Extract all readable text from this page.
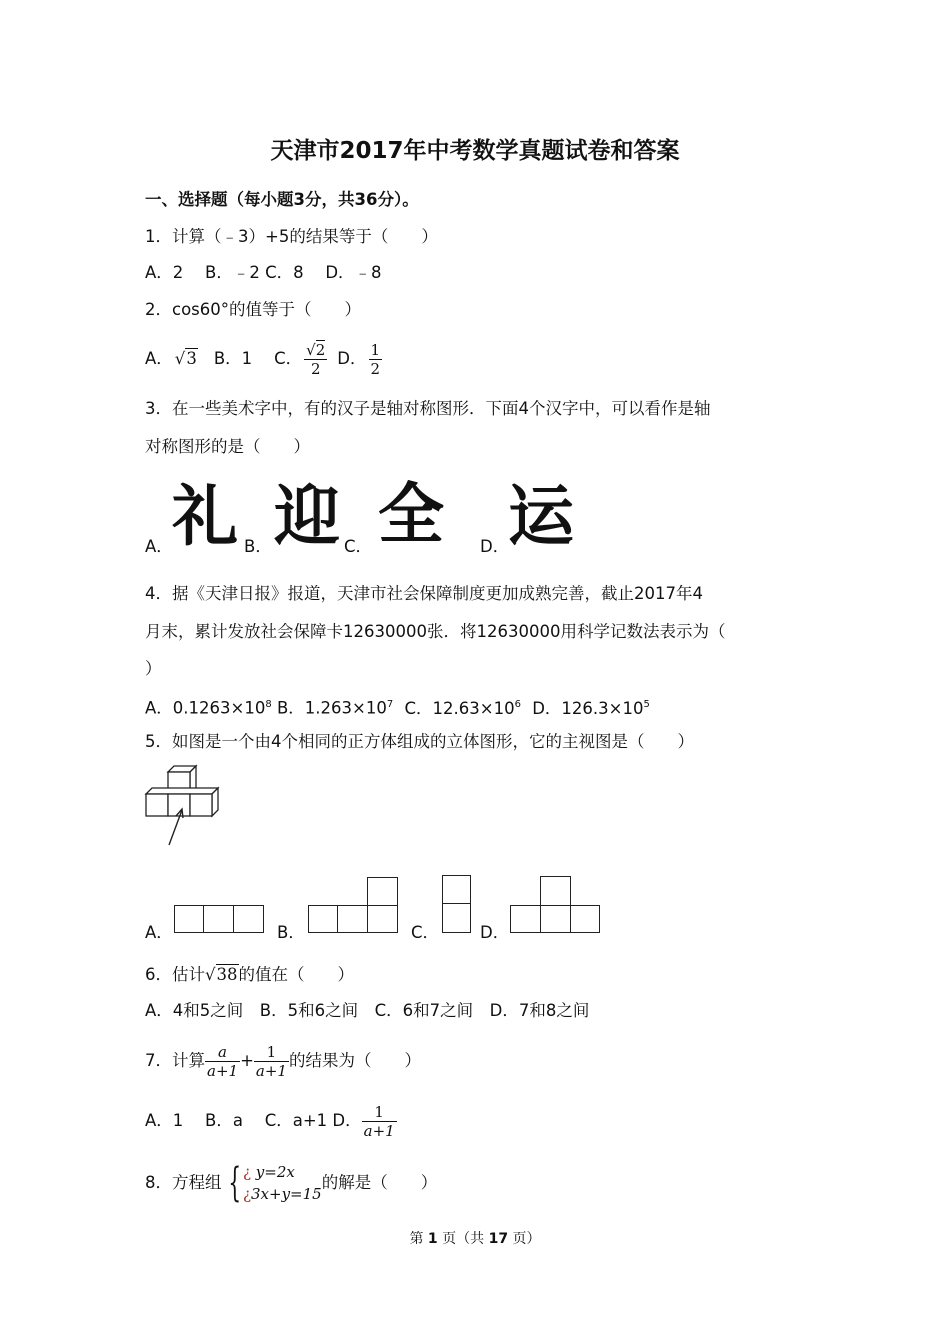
天津市2017年中考数学真题试卷和答案
一、选择题（每小题3分，共36分）。
1．计算（﹣3）+5的结果等于（　　）
A．2　 B．﹣2 C．8　 D．﹣8
2．cos60°的值等于（　　）
A． √3 B．1 C． $\frac{√2}{2}$ D． $\frac{1}{2}$
3．在一些美术字中，有的汉子是轴对称图形．下面4个汉字中，可以看作是轴
对称图形的是（　　）
A． 礼 B． 迎 C． 全 D．
运
4．据《天津日报》报道，天津市社会保障制度更加成熟完善，截止2017年4
月末，累计发放社会保障卡12630000张．将12630000用科学记数法表示为（
）
A．$0.1263\times 10^8$ B．$1.263\times 10^7$ C．$12.63\times 10^6$ D．$126.3\times 10^5$
5．如图是一个由4个相同的正方体组成的立体图形，它的主视图是（　　）
A．	B．	C． D．
6．估计√38的值在（　　）
A．4和5之间　B．5和6之间　C．6和7之间　D．7和8之间
7．计算 $\frac{a}{a+1} + \frac{1}{a+1}$ 的结果为（　　）
A．1　 B．a　 C．a+1 D． $\frac{1}{a+1}$
8．方程组 { ¿ y=2x
¿3x+y=15
的解是（　　）
第 1 页（共 17 页）
